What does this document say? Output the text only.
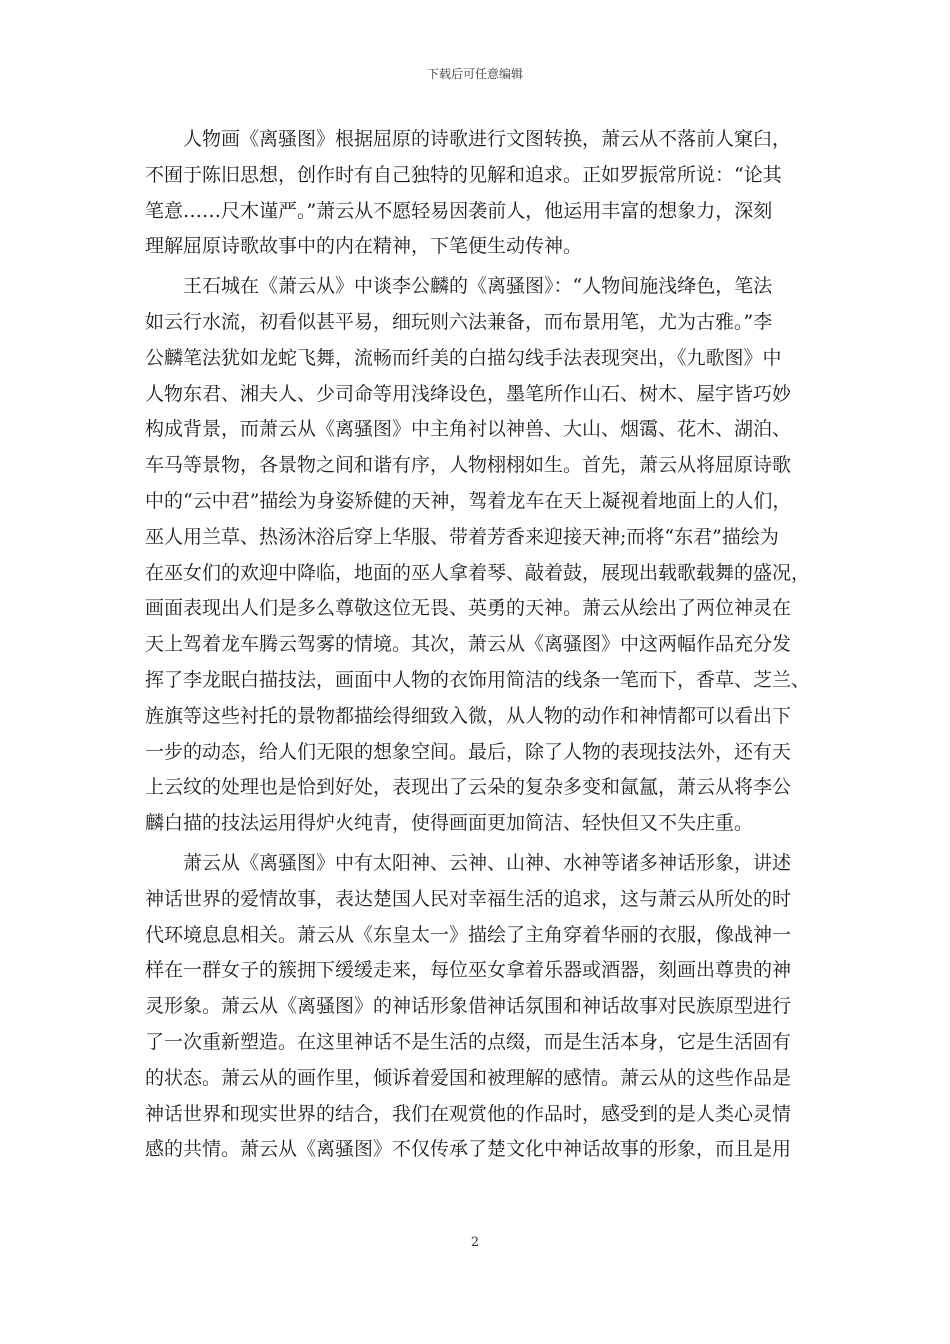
下载后可任意编辑

人物画《离骚图》根据屈原的诗歌进行文图转换，萧云从不落前人窠臼，
不囿于陈旧思想，创作时有自己独特的见解和追求。正如罗振常所说：“论其
笔意……尺木谨严。”萧云从不愿轻易因袭前人，他运用丰富的想象力，深刻
理解屈原诗歌故事中的内在精神，下笔便生动传神。

王石城在《萧云从》中谈李公麟的《离骚图》：“人物间施浅绛色，笔法
如云行水流，初看似甚平易，细玩则六法兼备，而布景用笔，尤为古雅。”李
公麟笔法犹如龙蛇飞舞，流畅而纤美的白描勾线手法表现突出，《九歌图》中
人物东君、湘夫人、少司命等用浅绛设色，墨笔所作山石、树木、屋宇皆巧妙
构成背景，而萧云从《离骚图》中主角衬以神兽、大山、烟霭、花木、湖泊、
车马等景物，各景物之间和谐有序，人物栩栩如生。首先，萧云从将屈原诗歌
中的“云中君”描绘为身姿矫健的天神，驾着龙车在天上凝视着地面上的人们，
巫人用兰草、热汤沐浴后穿上华服、带着芳香来迎接天神;而将“东君”描绘为
在巫女们的欢迎中降临，地面的巫人拿着琴、敲着鼓，展现出载歌载舞的盛况，
画面表现出人们是多么尊敬这位无畏、英勇的天神。萧云从绘出了两位神灵在
天上驾着龙车腾云驾雾的情境。其次，萧云从《离骚图》中这两幅作品充分发
挥了李龙眠白描技法，画面中人物的衣饰用简洁的线条一笔而下，香草、芝兰、
旌旗等这些衬托的景物都描绘得细致入微，从人物的动作和神情都可以看出下
一步的动态，给人们无限的想象空间。最后，除了人物的表现技法外，还有天
上云纹的处理也是恰到好处，表现出了云朵的复杂多变和氤氲，萧云从将李公
麟白描的技法运用得炉火纯青，使得画面更加简洁、轻快但又不失庄重。

萧云从《离骚图》中有太阳神、云神、山神、水神等诸多神话形象，讲述
神话世界的爱情故事，表达楚国人民对幸福生活的追求，这与萧云从所处的时
代环境息息相关。萧云从《东皇太一》描绘了主角穿着华丽的衣服，像战神一
样在一群女子的簇拥下缓缓走来，每位巫女拿着乐器或酒器，刻画出尊贵的神
灵形象。萧云从《离骚图》的神话形象借神话氛围和神话故事对民族原型进行
了一次重新塑造。在这里神话不是生活的点缀，而是生活本身，它是生活固有
的状态。萧云从的画作里，倾诉着爱国和被理解的感情。萧云从的这些作品是
神话世界和现实世界的结合，我们在观赏他的作品时，感受到的是人类心灵情
感的共情。萧云从《离骚图》不仅传承了楚文化中神话故事的形象，而且是用

2
